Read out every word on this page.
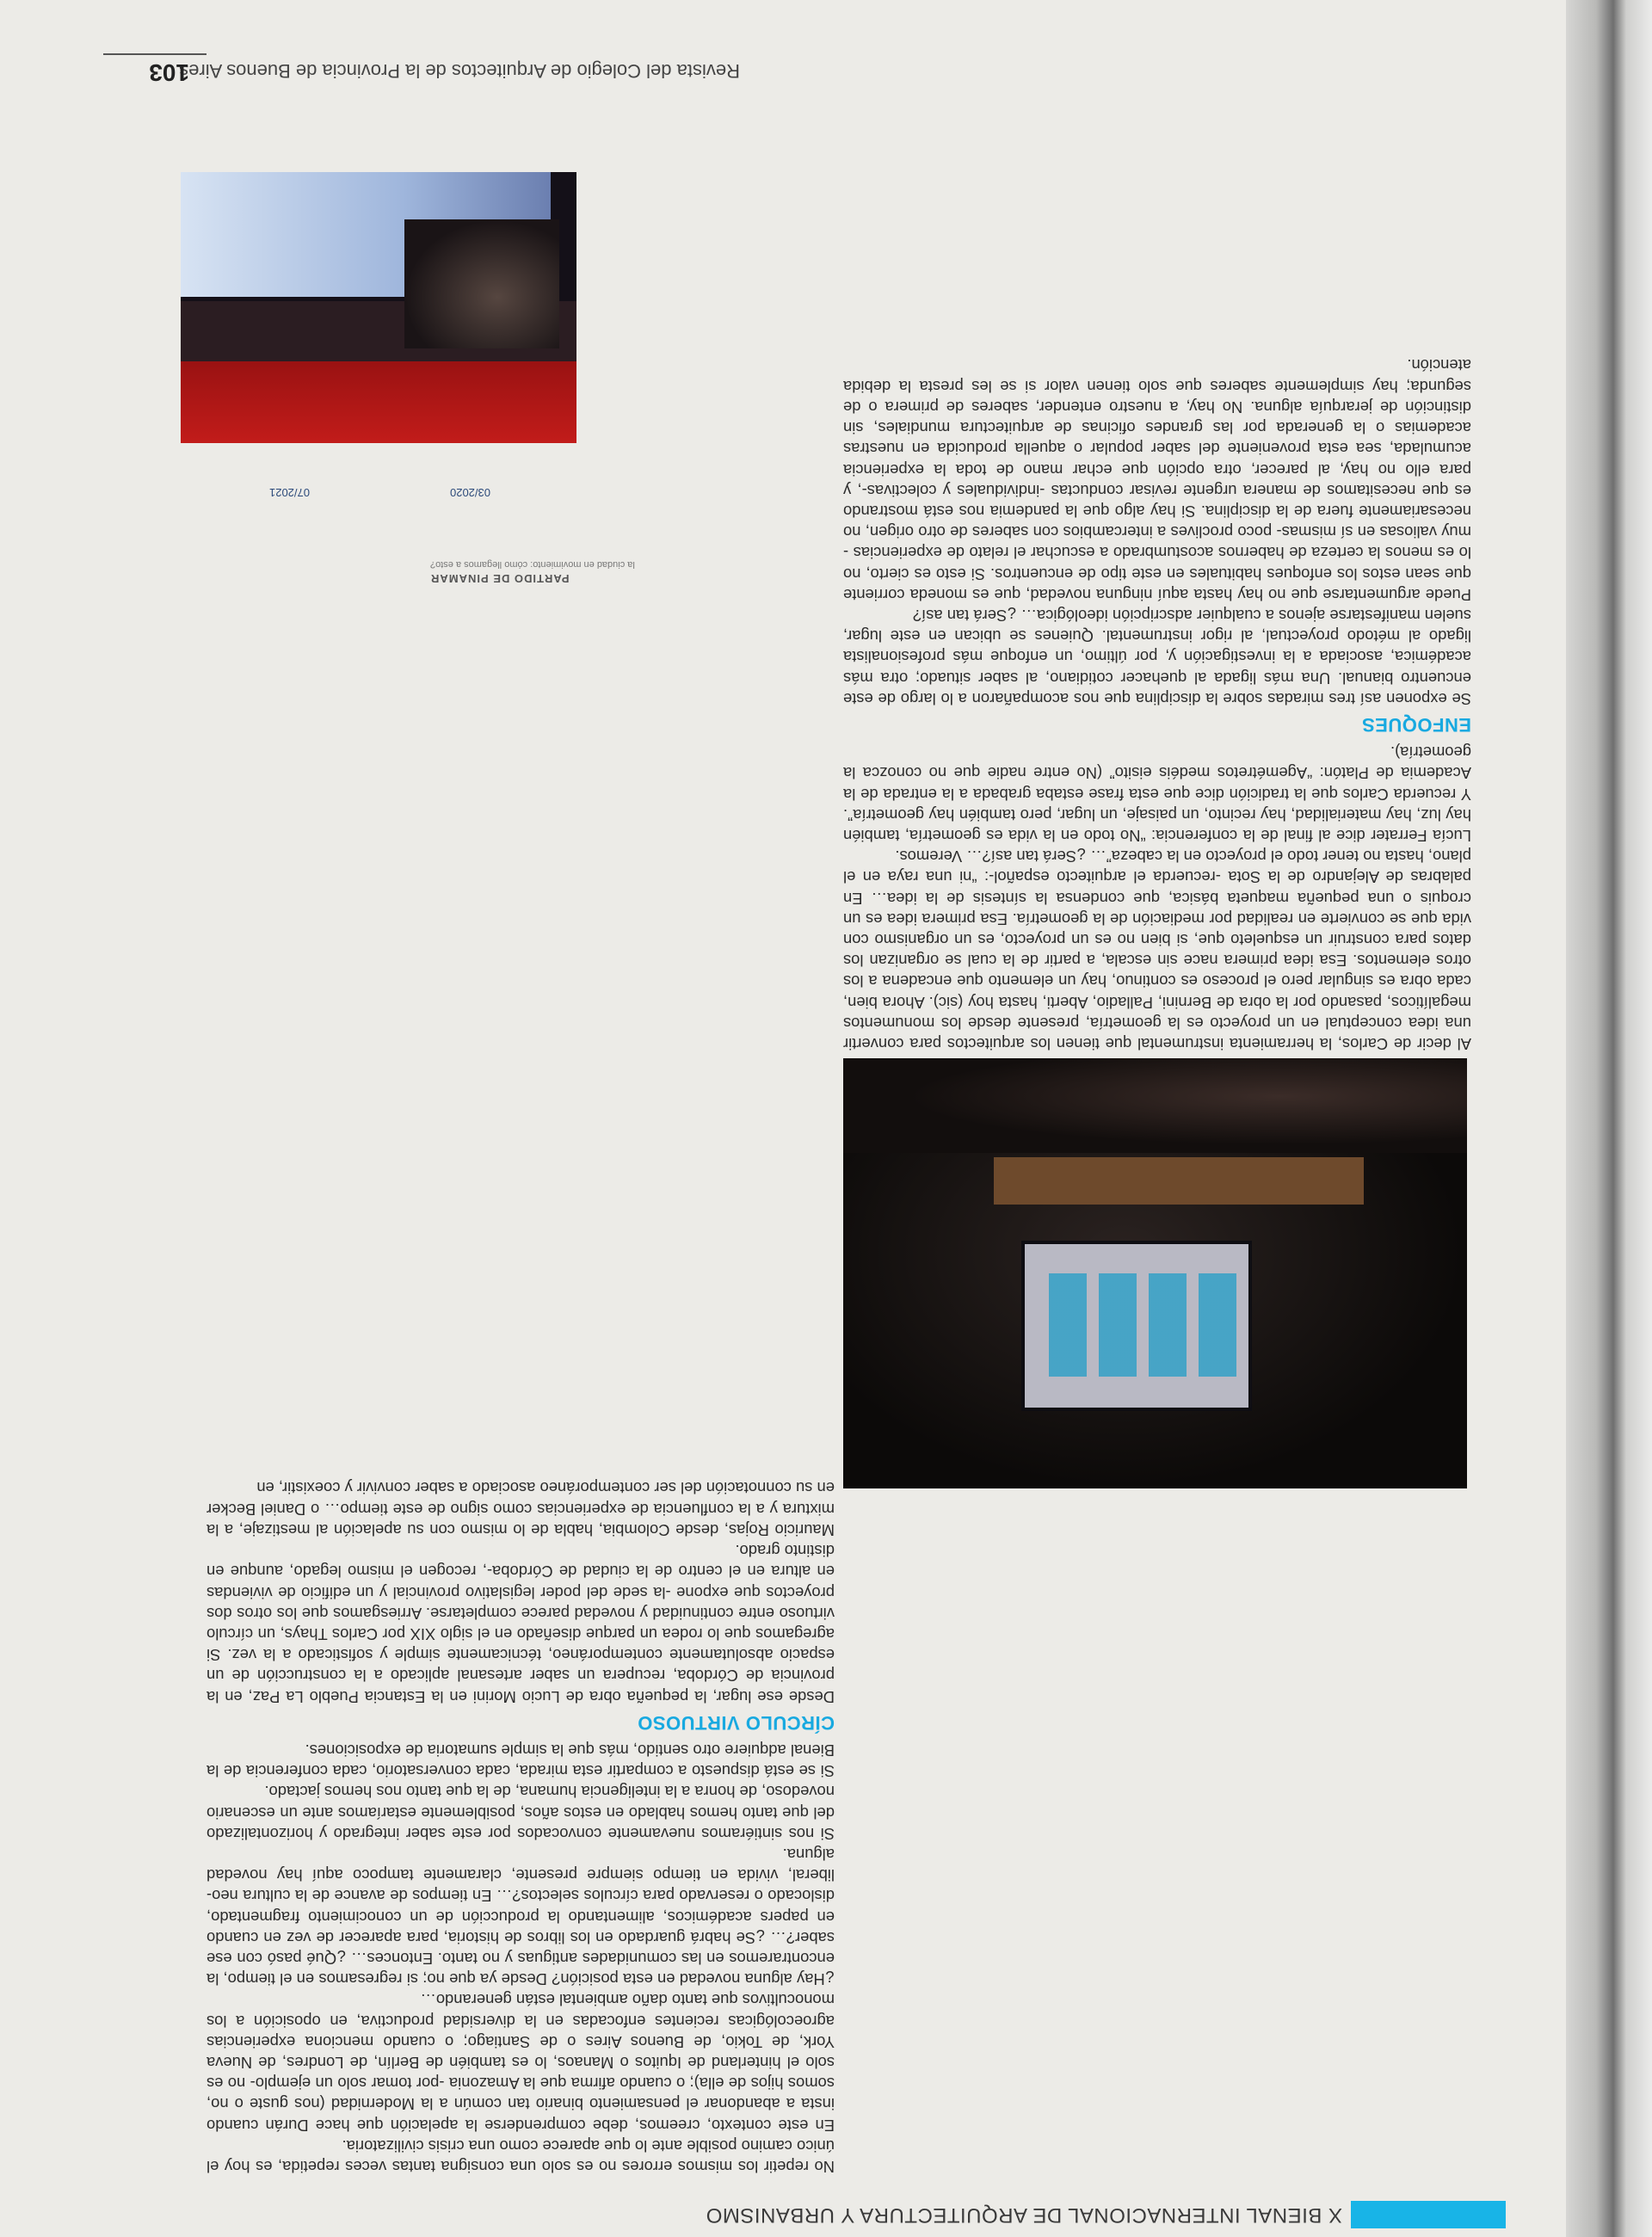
X BIENAL INTERNACIONAL DE ARQUITECTURA Y URBANISMO
PARTIDO DE PINAMAR
la ciudad en movimiento: cómo llegamos a esto?
03/2020
07/2021

Al decir de Carlos, la herramienta instrumental que tienen los arquitectos para convertir una idea conceptual en un proyecto es la geometría, presente desde los monumentos megalíticos, pasando por la obra de Bernini, Palladio, Aberti, hasta hoy (sic). Ahora bien, cada obra es singular pero el proceso es continuo, hay un elemento que encadena a los otros elementos. Esa idea primera nace sin escala, a partir de la cual se organizan los datos para construir un esqueleto que, si bien no es un proyecto, es un organismo con vida que se convierte en realidad por mediación de la geometría. Esa primera idea es un croquis o una pequeña maqueta básica, que condensa la síntesis de la idea… En palabras de Alejandro de la Sota -recuerda el arquitecto español-: “ni una raya en el plano, hasta no tener todo el proyecto en la cabeza”… ¿Será tan así?… Veremos.

Lucía Ferrater dice al final de la conferencia: “No todo en la vida es geometría, también hay luz, hay materialidad, hay recinto, un paisaje, un lugar, pero también hay geometría”. Y recuerda Carlos que la tradición dice que esta frase estaba grabada a la entrada de la Academia de Platón: “Agemétretos medéis eisito” (No entre nadie que no conozca la geometría).

ENFOQUES

Se exponen así tres miradas sobre la disciplina que nos acompañaron a lo largo de este encuentro bianual. Una más ligada al quehacer cotidiano, al saber situado; otra más académica, asociada a la investigación y, por último, un enfoque más profesionalista ligado al método proyectual, al rigor instrumental. Quienes se ubican en este lugar, suelen manifestarse ajenos a cualquier adscripción ideológica… ¿Será tan así?

Puede argumentarse que no hay hasta aquí ninguna novedad, que es moneda corriente que sean estos los enfoques habituales en este tipo de encuentros. Si esto es cierto, no lo es menos la certeza de habernos acostumbrado a escuchar el relato de experiencias -muy valiosas en sí mismas- poco proclives a intercambios con saberes de otro origen, no necesariamente fuera de la disciplina. Si hay algo que la pandemia nos está mostrando es que necesitamos de manera urgente revisar conductas -individuales y colectivas-, y para ello no hay, al parecer, otra opción que echar mano de toda la experiencia acumulada, sea esta proveniente del saber popular o aquella producida en nuestras academias o la generada por las grandes oficinas de arquitectura mundiales, sin distinción de jerarquía alguna. No hay, a nuestro entender, saberes de primera o de segunda; hay simplemente saberes que solo tienen valor si se les presta la debida atención.

No repetir los mismos errores no es solo una consigna tantas veces repetida, es hoy el único camino posible ante lo que aparece como una crisis civilizatoria.

En este contexto, creemos, debe comprenderse la apelación que hace Durán cuando insta a abandonar el pensamiento binario tan común a la Modernidad (nos guste o no, somos hijos de ella); o cuando afirma que la Amazonia -por tomar solo un ejemplo- no es solo el hinterland de Iquitos o Manaos, lo es también de Berlín, de Londres, de Nueva York, de Tokio, de Buenos Aires o de Santiago; o cuando menciona experiencias agroecológicas recientes enfocadas en la diversidad productiva, en oposición a los monocultivos que tanto daño ambiental están generando…

¿Hay alguna novedad en esta posición? Desde ya que no; si regresamos en el tiempo, la encontraremos en las comunidades antiguas y no tanto. Entonces… ¿Qué pasó con ese saber?… ¿Se habrá guardado en los libros de historia, para aparecer de vez en cuando en papers académicos, alimentando la producción de un conocimiento fragmentado, dislocado o reservado para círculos selectos?… En tiempos de avance de la cultura neo-liberal, vivida en tiempo siempre presente, claramente tampoco aquí hay novedad alguna.

Si nos sintiéramos nuevamente convocados por este saber integrado y horizontalizado del que tanto hemos hablado en estos años, posiblemente estaríamos ante un escenario novedoso, de honra a la inteligencia humana, de la que tanto nos hemos jactado.

Si se está dispuesto a compartir esta mirada, cada conversatorio, cada conferencia de la Bienal adquiere otro sentido, más que la simple sumatoria de exposiciones.

CÍRCULO VIRTUOSO

Desde ese lugar, la pequeña obra de Lucio Morini en la Estancia Pueblo La Paz, en la provincia de Córdoba, recupera un saber artesanal aplicado a la construcción de un espacio absolutamente contemporáneo, técnicamente simple y sofisticado a la vez. Si agregamos que lo rodea un parque diseñado en el siglo XIX por Carlos Thays, un círculo virtuoso entre continuidad y novedad parece completarse. Arriesgamos que los otros dos proyectos que expone -la sede del poder legislativo provincial y un edificio de viviendas en altura en el centro de la ciudad de Córdoba-, recogen el mismo legado, aunque en distinto grado.

Mauricio Rojas, desde Colombia, habla de lo mismo con su apelación al mestizaje, a la mixtura y a la confluencia de experiencias como signo de este tiempo… o Daniel Becker en su connotación del ser contemporáneo asociado a saber convivir y coexistir, en

Revista del Colegio de Arquitectos de la Provincia de Buenos Aires
103
